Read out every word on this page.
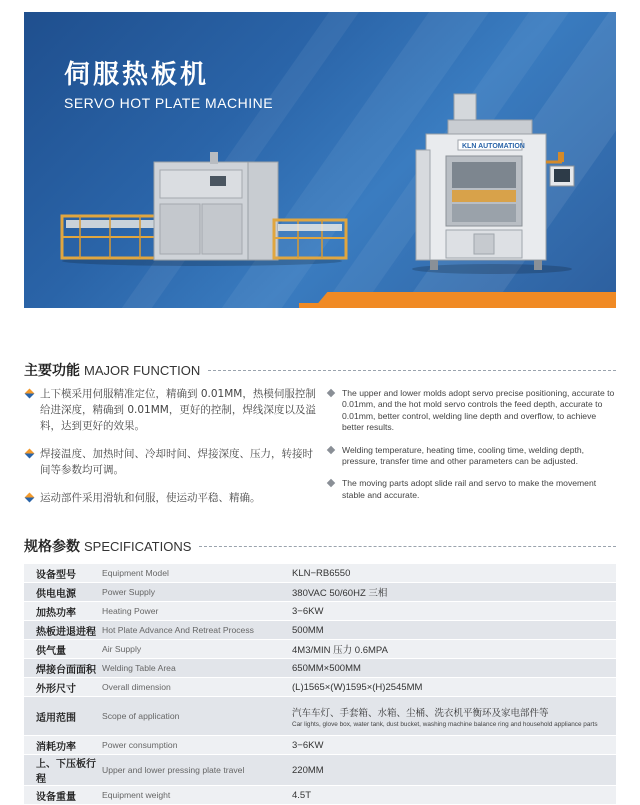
伺服热板机
SERVO HOT PLATE MACHINE
KLN AUTOMATION
主要功能 MAJOR FUNCTION
上下模采用伺服精准定位，精确到 0.01MM，热模伺服控制给进深度，精确到 0.01MM，更好的控制，焊线深度以及溢料，达到更好的效果。
焊接温度、加热时间、冷却时间、焊接深度、压力，转接时间等参数均可调。
运动部件采用滑轨和伺服，使运动平稳、精确。
The upper and lower molds adopt servo precise positioning, accurate to 0.01mm, and the hot mold servo controls the feed depth, accurate to 0.01mm, better control, welding line depth and overflow, to achieve better results.
Welding temperature, heating time, cooling time, welding depth, pressure, transfer time and other parameters can be adjusted.
The moving parts adopt slide rail and servo to make the movement stable and accurate.
规格参数 SPECIFICATIONS
设备型号	Equipment Model	KLN−RB6550
供电电源	Power Supply	380VAC 50/60HZ 三相
加热功率	Heating Power	3−6KW
热板进退进程	Hot Plate Advance And Retreat Process	500MM
供气量	Air Supply	4M3/MIN 压力 0.6MPA
焊接台面面积	Welding Table Area	650MM×500MM
外形尺寸	Overall dimension	(L)1565×(W)1595×(H)2545MM
适用范围	Scope of application	汽车车灯、手套箱、水箱、尘桶、洗衣机平衡环及家电部件等
Car lights, glove box, water tank, dust bucket, washing machine balance ring and household appliance parts

消耗功率	Power consumption	3−6KW
上、下压板行程	Upper and lower pressing plate travel	220MM
设备重量	Equipment weight	4.5T
